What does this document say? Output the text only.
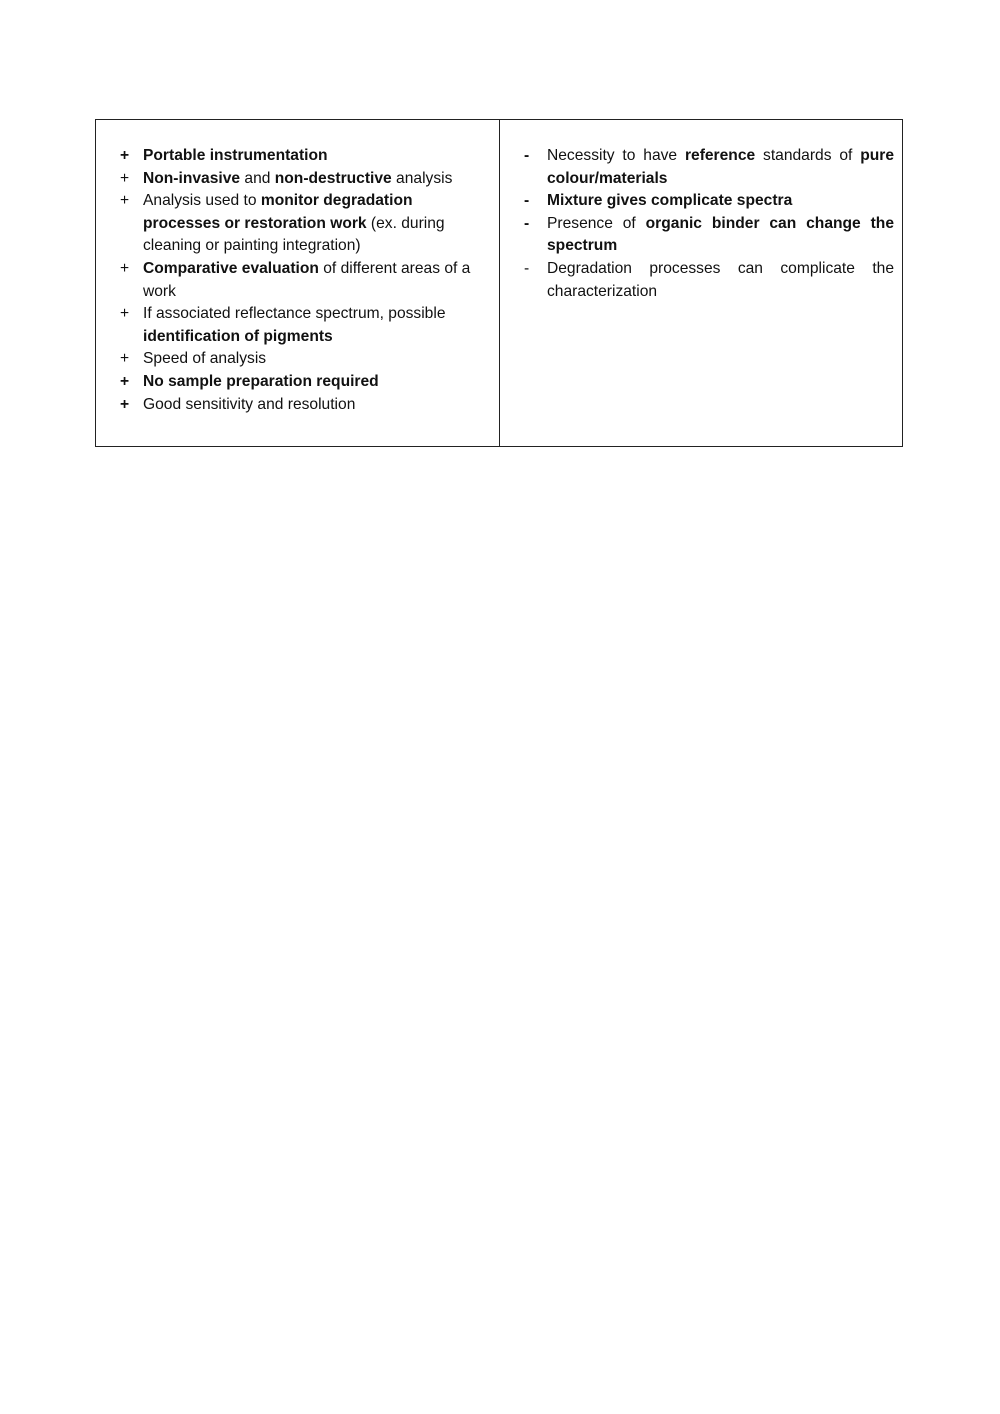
+ Portable instrumentation
+ Non-invasive and non-destructive analysis
+ Analysis used to monitor degradation processes or restoration work (ex. during cleaning or painting integration)
+ Comparative evaluation of different areas of a work
+ If associated reflectance spectrum, possible identification of pigments
+ Speed of analysis
+ No sample preparation required
+ Good sensitivity and resolution
-	Necessity to have reference standards of pure colour/materials
-	Mixture gives complicate spectra
-	Presence of organic binder can change the spectrum
-	Degradation processes can complicate the characterization
